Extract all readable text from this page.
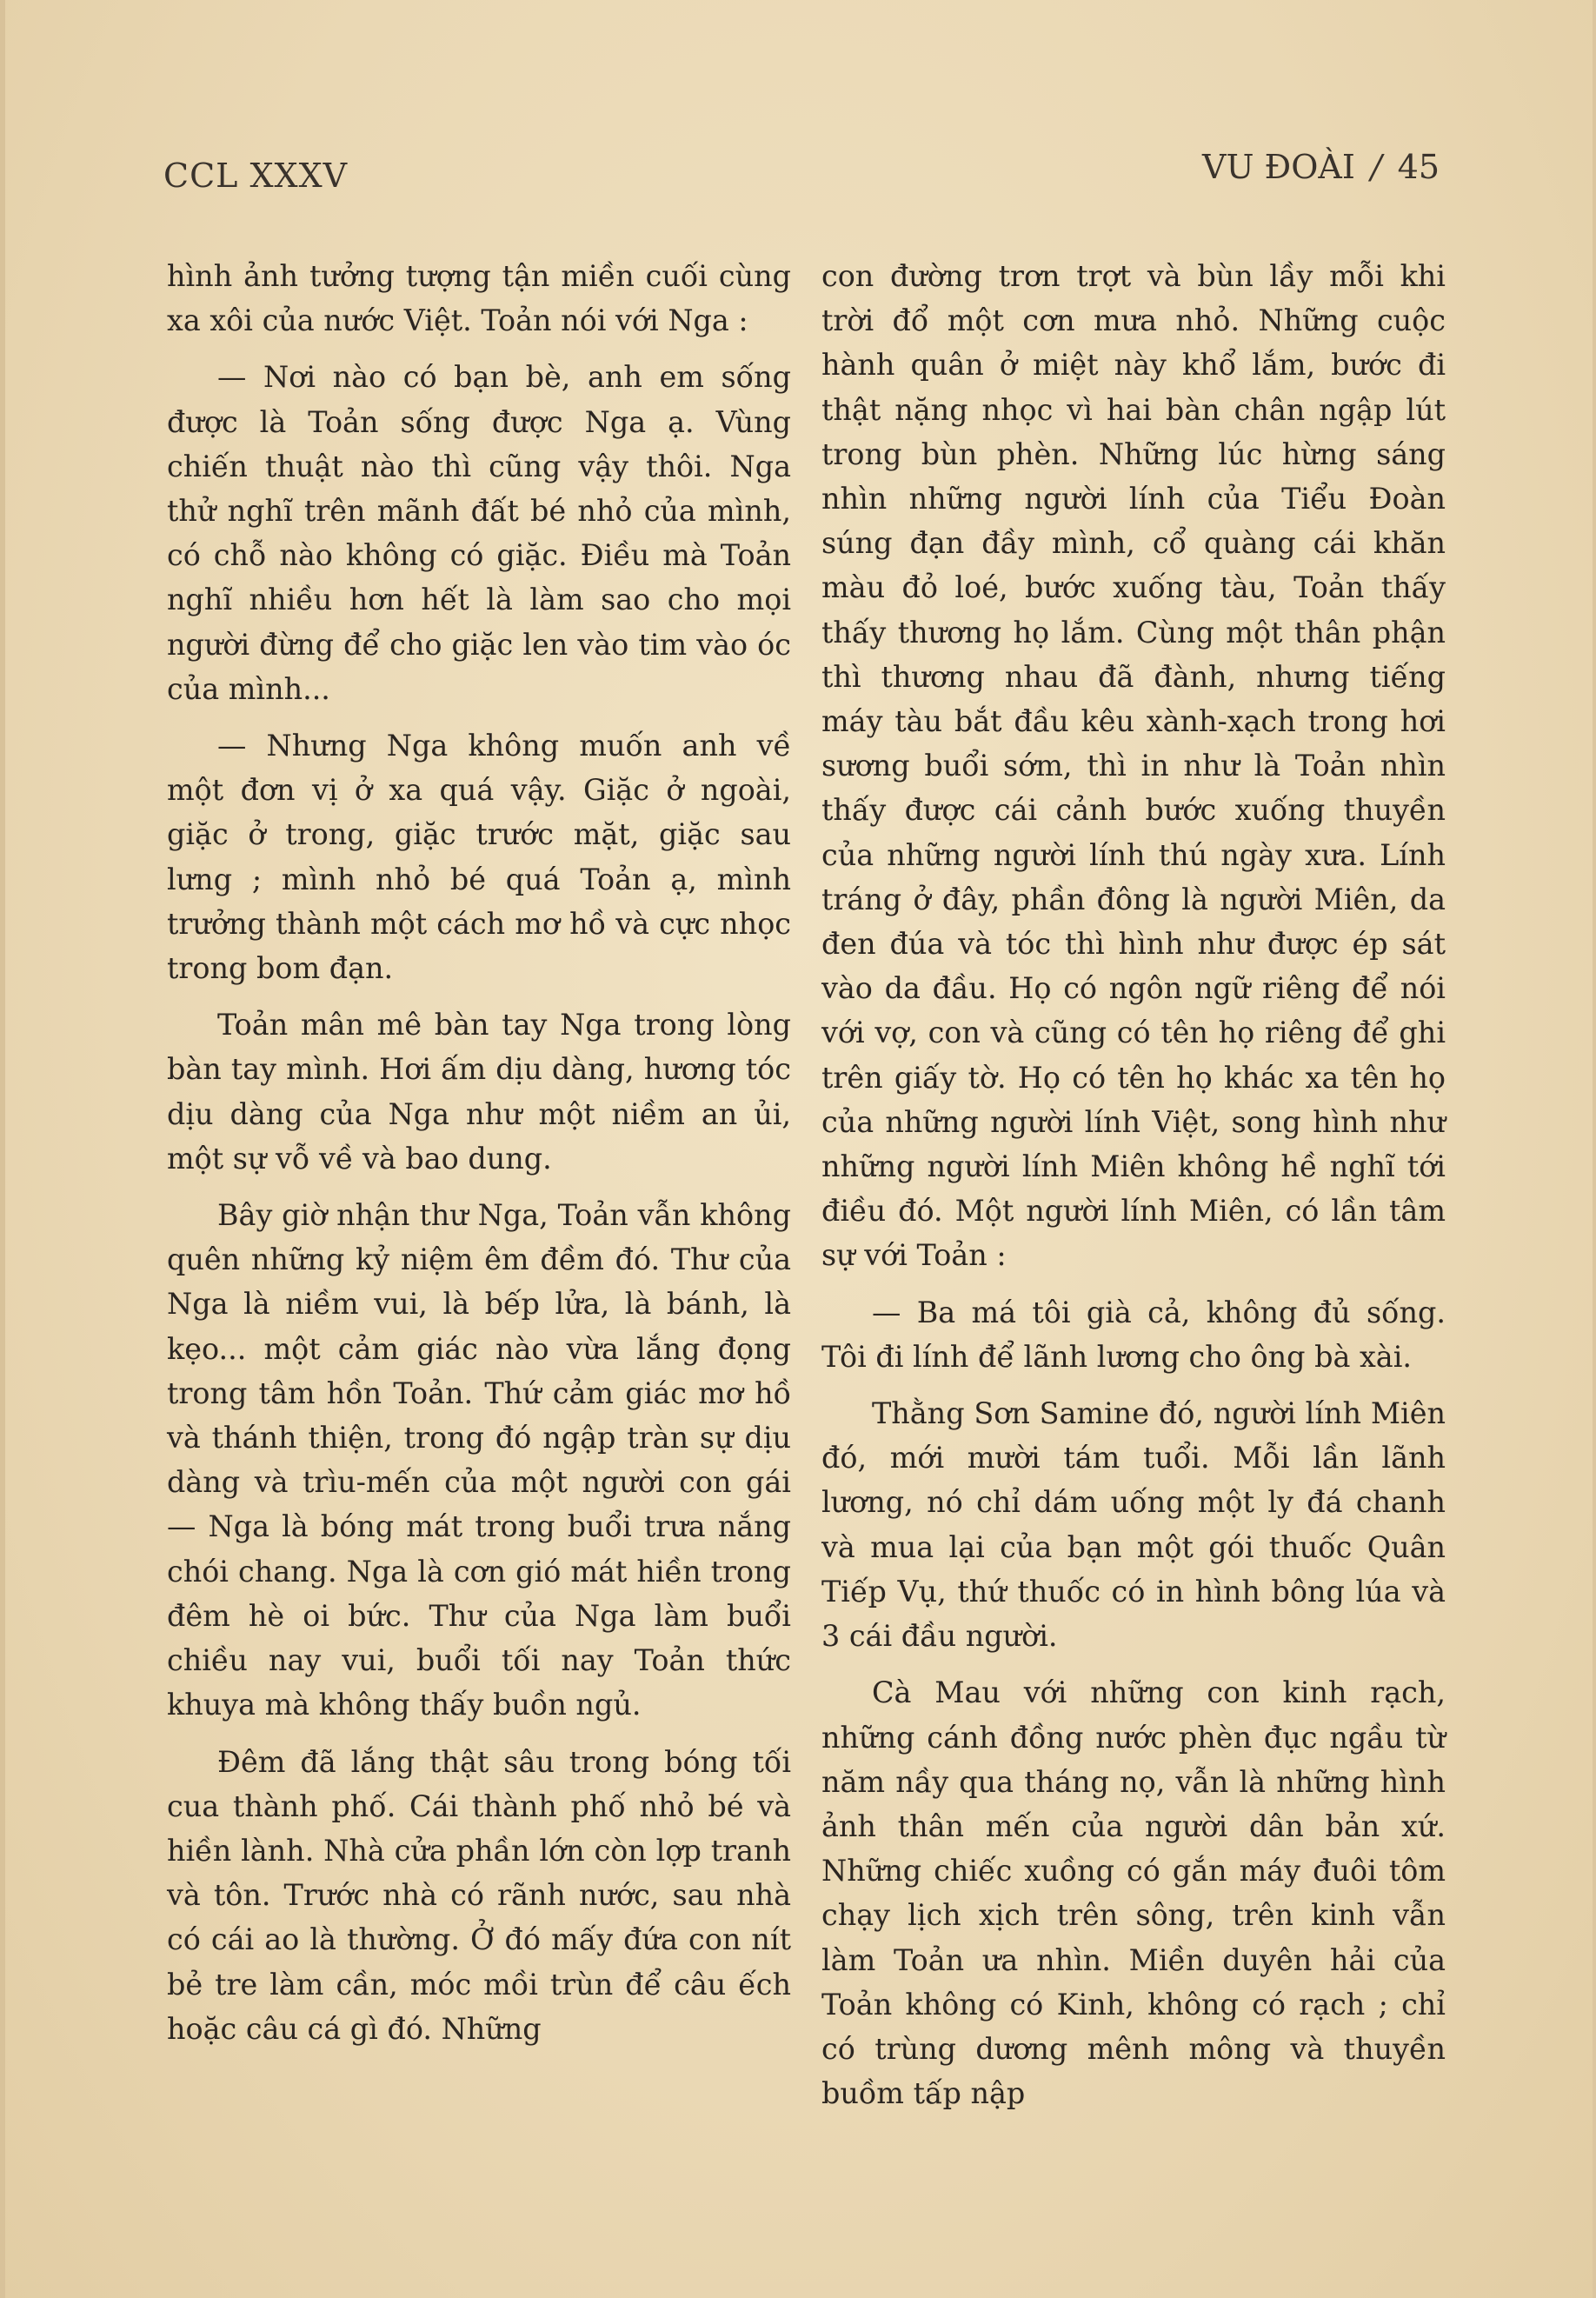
CCL XXXV	VU ĐOÀI / 45

hình ảnh tưởng tượng tận miền cuối cùng xa xôi của nước Việt. Toản nói với Nga :

— Nơi nào có bạn bè, anh em sống được là Toản sống được Nga ạ. Vùng chiến thuật nào thì cũng vậy thôi. Nga thử nghĩ trên mãnh đất bé nhỏ của mình, có chỗ nào không có giặc. Điều mà Toản nghĩ nhiều hơn hết là làm sao cho mọi người đừng để cho giặc len vào tim vào óc của mình...

— Nhưng Nga không muốn anh về một đơn vị ở xa quá vậy. Giặc ở ngoài, giặc ở trong, giặc trước mặt, giặc sau lưng ; mình nhỏ bé quá Toản ạ, mình trưởng thành một cách mơ hồ và cực nhọc trong bom đạn.

Toản mân mê bàn tay Nga trong lòng bàn tay mình. Hơi ấm dịu dàng, hương tóc dịu dàng của Nga như một niềm an ủi, một sự vỗ về và bao dung.

Bây giờ nhận thư Nga, Toản vẫn không quên những kỷ niệm êm đềm đó. Thư của Nga là niềm vui, là bếp lửa, là bánh, là kẹo... một cảm giác nào vừa lắng đọng trong tâm hồn Toản. Thứ cảm giác mơ hồ và thánh thiện, trong đó ngập tràn sự dịu dàng và trìu-mến của một người con gái — Nga là bóng mát trong buổi trưa nắng chói chang. Nga là cơn gió mát hiền trong đêm hè oi bức. Thư của Nga làm buổi chiều nay vui, buổi tối nay Toản thức khuya mà không thấy buồn ngủ.

Đêm đã lắng thật sâu trong bóng tối cua thành phố. Cái thành phố nhỏ bé và hiền lành. Nhà cửa phần lớn còn lợp tranh và tôn. Trước nhà có rãnh nước, sau nhà có cái ao là thường. Ở đó mấy đứa con nít bẻ tre làm cần, móc mồi trùn để câu ếch hoặc câu cá gì đó. Những

con đường trơn trợt và bùn lầy mỗi khi trời đổ một cơn mưa nhỏ. Những cuộc hành quân ở miệt này khổ lắm, bước đi thật nặng nhọc vì hai bàn chân ngập lút trong bùn phèn. Những lúc hừng sáng nhìn những người lính của Tiểu Đoàn súng đạn đầy mình, cổ quàng cái khăn màu đỏ loé, bước xuống tàu, Toản thấy thấy thương họ lắm. Cùng một thân phận thì thương nhau đã đành, nhưng tiếng máy tàu bắt đầu kêu xành-xạch trong hơi sương buổi sớm, thì in như là Toản nhìn thấy được cái cảnh bước xuống thuyền của những người lính thú ngày xưa. Lính tráng ở đây, phần đông là người Miên, da đen đúa và tóc thì hình như được ép sát vào da đầu. Họ có ngôn ngữ riêng để nói với vợ, con và cũng có tên họ riêng để ghi trên giấy tờ. Họ có tên họ khác xa tên họ của những người lính Việt, song hình như những người lính Miên không hề nghĩ tới điều đó. Một người lính Miên, có lần tâm sự với Toản :

— Ba má tôi già cả, không đủ sống. Tôi đi lính để lãnh lương cho ông bà xài.

Thằng Sơn Samine đó, người lính Miên đó, mới mười tám tuổi. Mỗi lần lãnh lương, nó chỉ dám uống một ly đá chanh và mua lại của bạn một gói thuốc Quân Tiếp Vụ, thứ thuốc có in hình bông lúa và 3 cái đầu người.

Cà Mau với những con kinh rạch, những cánh đồng nước phèn đục ngầu từ năm nầy qua tháng nọ, vẫn là những hình ảnh thân mến của người dân bản xứ. Những chiếc xuồng có gắn máy đuôi tôm chạy lịch xịch trên sông, trên kinh vẫn làm Toản ưa nhìn. Miền duyên hải của Toản không có Kinh, không có rạch ; chỉ có trùng dương mênh mông và thuyền buồm tấp nập
